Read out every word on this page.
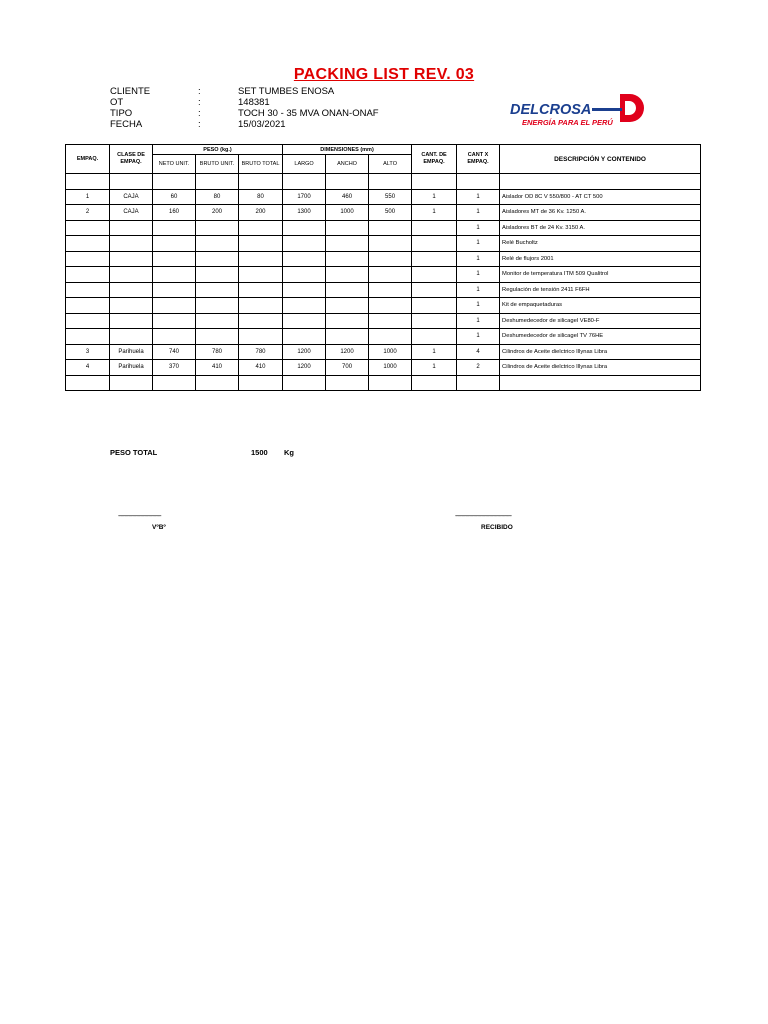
PACKING LIST REV. 03
CLIENTE	:	SET TUMBES ENOSA
OT	:	148381
TIPO	:	TOCH 30 - 35 MVA ONAN-ONAF
FECHA	:	15/03/2021
DELCROSA
ENERGÍA PARA EL PERÚ
EMPAQ.	CLASE DE EMPAQ.	PESO (kg.)			DIMENSIONES (mm)			CANT. DE EMPAQ.	CANT X EMPAQ.	DESCRIPCIÓN Y CONTENIDO
		NETO UNIT.	BRUTO UNIT.	BRUTO TOTAL	LARGO	ANCHO	ALTO			

1	CAJA	60	80	80	1700	460	550	1	1	Aislador OD 8C V 550/800 - AT CT 500
2	CAJA	160	200	200	1300	1000	500	1	1	Aisladores MT de 36 Kv. 1250 A.
									1	Aisladores BT de 24 Kv. 3150 A.
									1	Relé Bucholtz
									1	Relé de flujors 2001
									1	Monitor de temperatura ITM 509 Qualitrol
									1	Regulación de tensión 2411 F6FH
									1	Kit de empaquetaduras
									1	Deshumedecedor de silicagel VE80-F
									1	Deshumedecedor de silicagel TV 76HE
3	Parihuela	740	780	780	1200	1200	1000	1	4	Cilindros de Aceite dielctrico Illynas Libra
4	Parihuela	370	410	410	1200	700	1000	1	2	Cilindros de Aceite dielctrico Illynas Libra

PESO TOTAL	1500 Kg
--------------------------------
VºBº
------------------------------------------
RECIBIDO
